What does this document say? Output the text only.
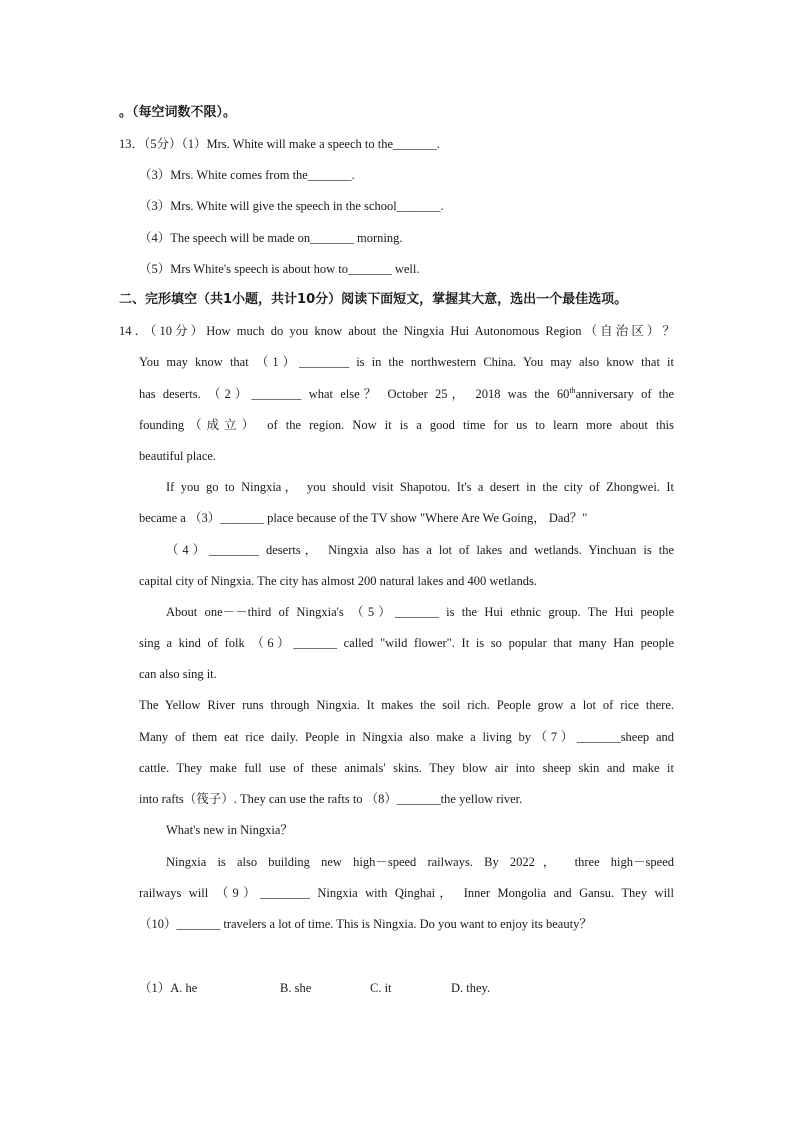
。（每空词数不限）。
13．（5分）（1）Mrs. White will make a speech to the_______.
（3）Mrs. White comes from the_______.
（3）Mrs. White will give the speech in the school_______.
（4）The speech will be made on_______ morning.
（5）Mrs White's speech is about how to_______ well.
二、完形填空（共1小题，共计10分）阅读下面短文，掌握其大意，选出一个最佳选项。
14．（10分）How much do you know about the Ningxia Hui Autonomous Region（自治区）？
You may know that （1）________ is in the northwestern China. You may also know that it
has deserts. （2）________ what else？ October 25， 2018 was the 60thanniversary of the
founding（成立） of the region. Now it is a good time for us to learn more about this
beautiful place.
If you go to Ningxia， you should visit Shapotou. It's a desert in the city of Zhongwei. It
became a （3）_______ place because of the TV show "Where Are We Going， Dad？"
（4）________ deserts， Ningxia also has a lot of lakes and wetlands. Yinchuan is the
capital city of Ningxia. The city has almost 200 natural lakes and 400 wetlands.
About one－－third of Ningxia's （5）_______ is the Hui ethnic group. The Hui people
sing a kind of folk （6）_______ called "wild flower". It is so popular that many Han people
can also sing it.
The Yellow River runs through Ningxia. It makes the soil rich. People grow a lot of rice there.
Many of them eat rice daily. People in Ningxia also make a living by（7）_______sheep and
cattle. They make full use of these animals' skins. They blow air into sheep skin and make it
into rafts（筏子）. They can use the rafts to （8）_______the yellow river.
What's new in Ningxia？
Ningxia is also building new high－speed railways. By 2022， three high－speed
railways will （9）________ Ningxia with Qinghai， Inner Mongolia and Gansu. They will
（10）_______ travelers a lot of time. This is Ningxia. Do you want to enjoy its beauty？
（1）A. he	B. she	C. it	D. they.
